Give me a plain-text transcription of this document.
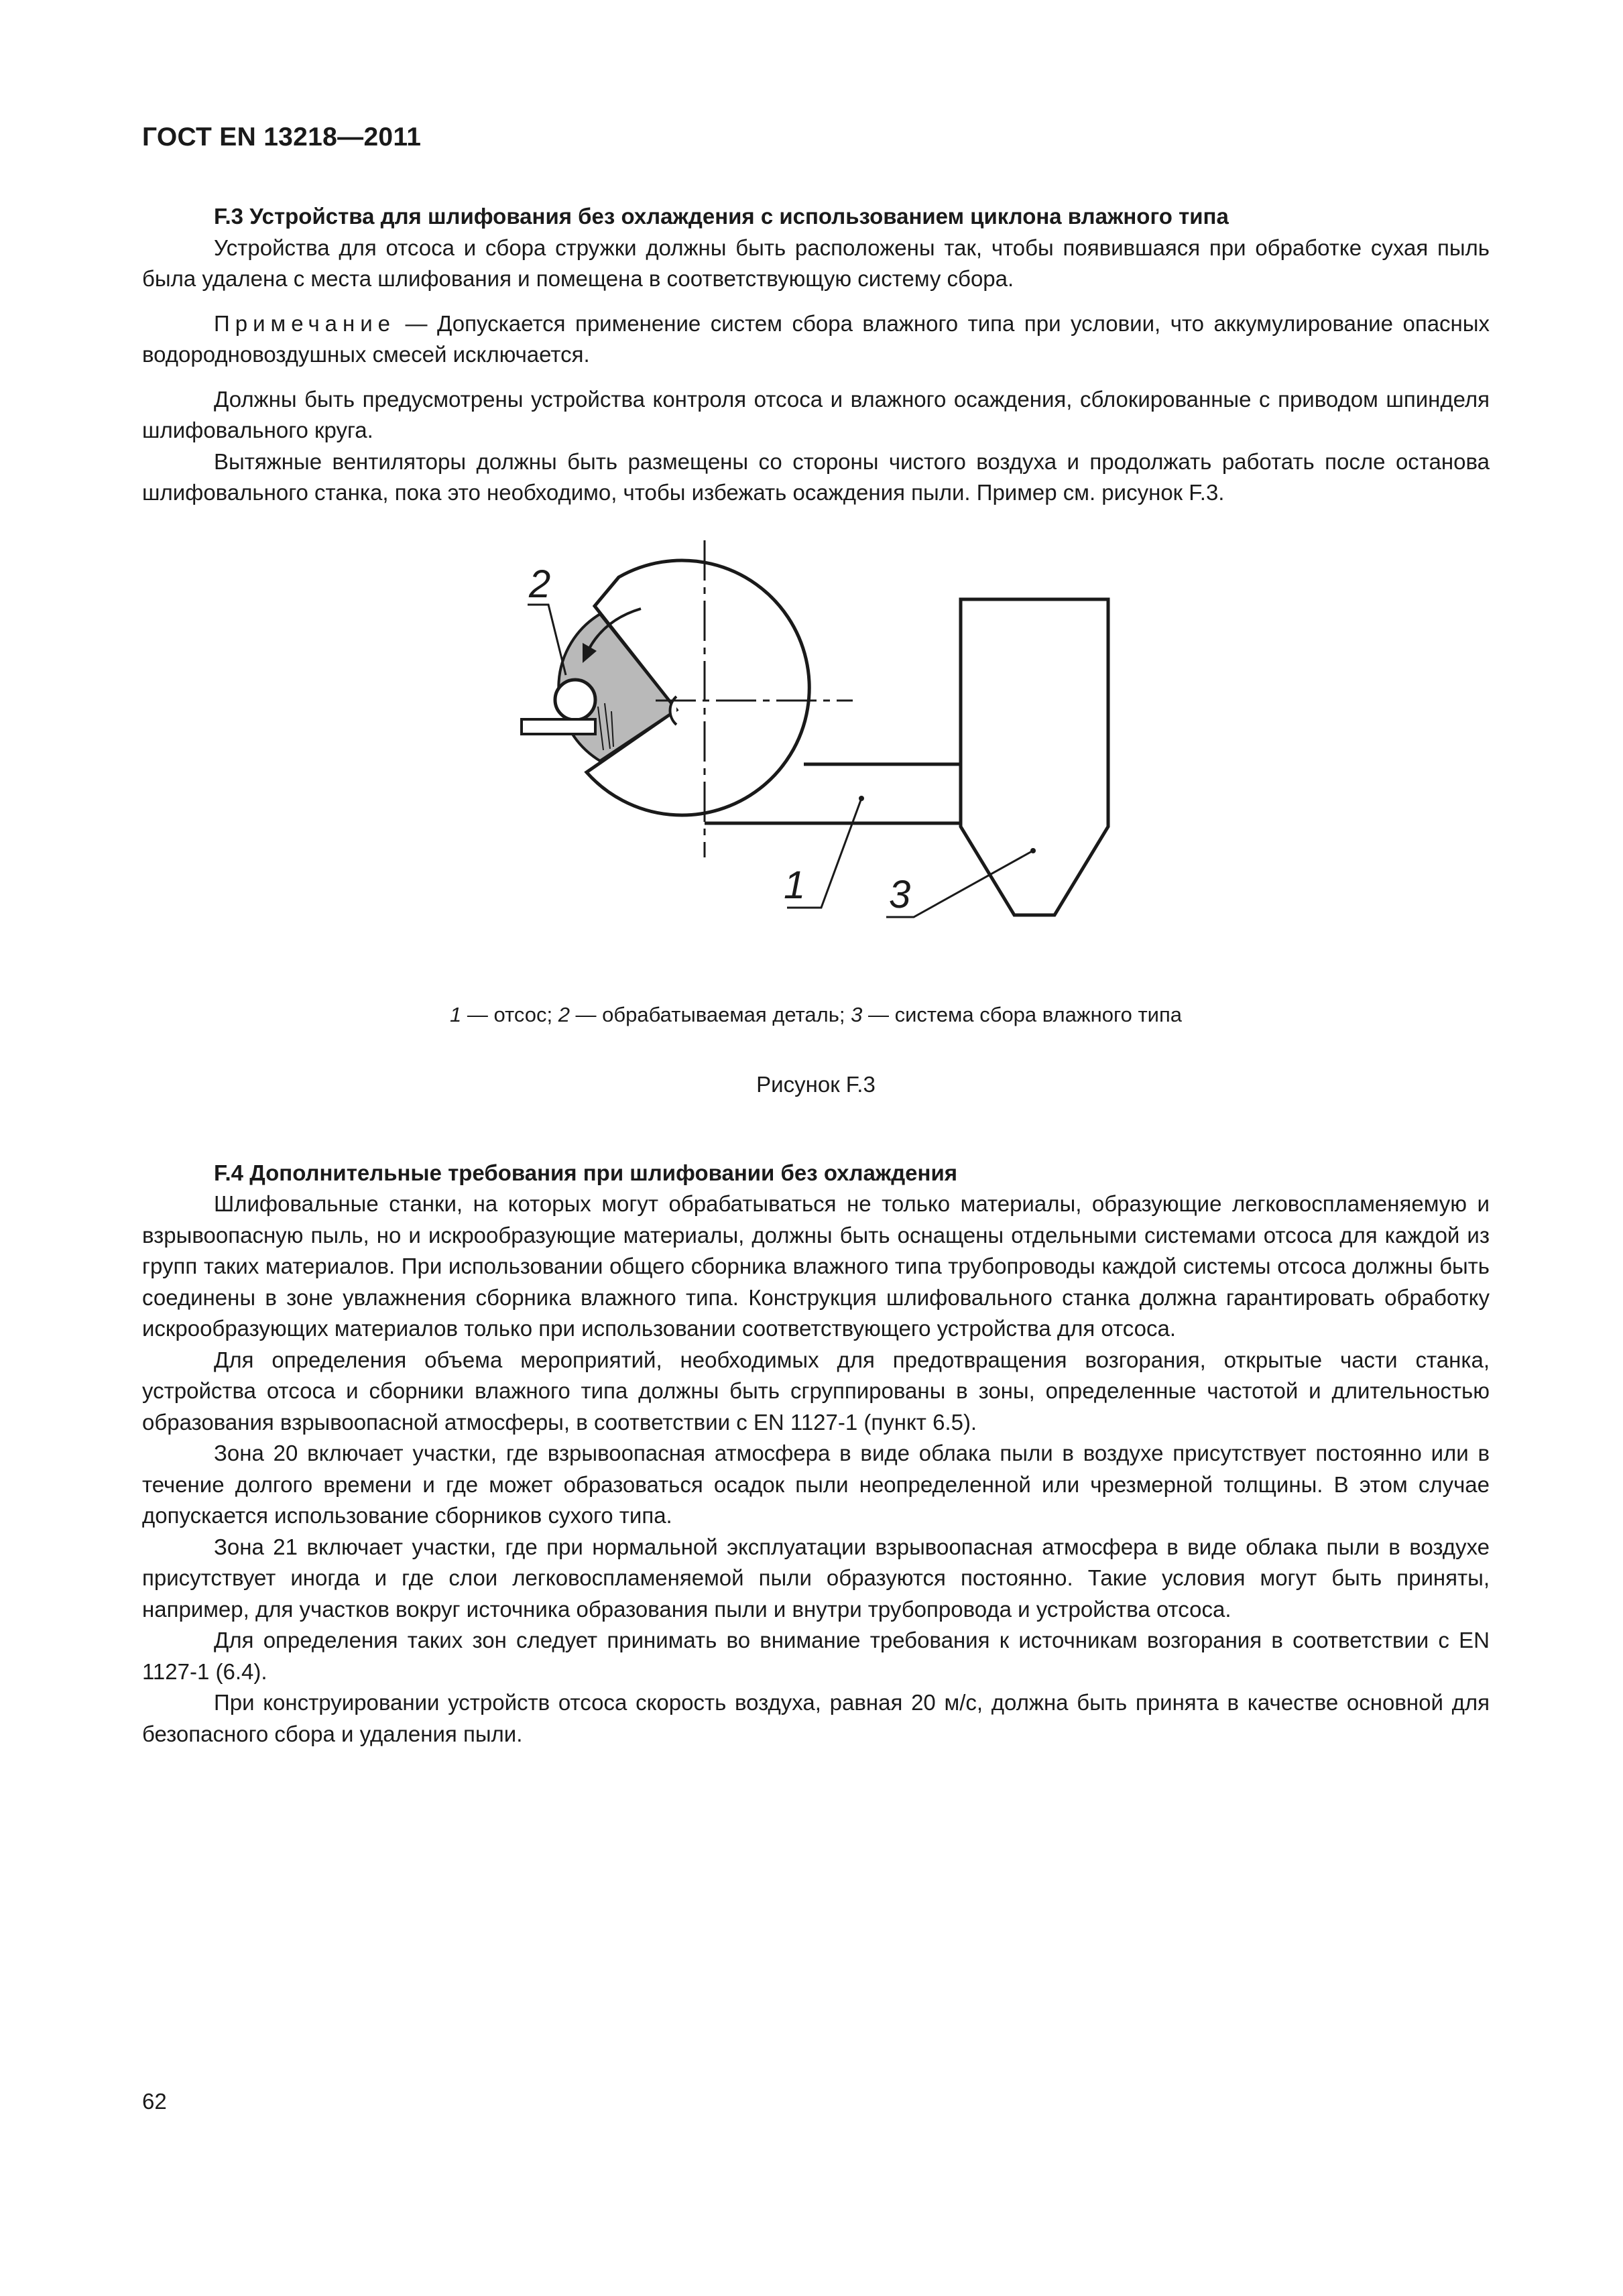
ГОСТ EN 13218—2011

F.3 Устройства для шлифования без охлаждения с использованием циклона влажного типа

Устройства для отсоса и сбора стружки должны быть расположены так, чтобы появившаяся при обработке сухая пыль была удалена с места шлифования и помещена в соответствующую систему сбора.

Примечание — Допускается применение систем сбора влажного типа при условии, что аккумулирование опасных водородновоздушных смесей исключается.

Должны быть предусмотрены устройства контроля отсоса и влажного осаждения, сблокированные с приводом шпинделя шлифовального круга.

Вытяжные вентиляторы должны быть размещены со стороны чистого воздуха и продолжать работать после останова шлифовального станка, пока это необходимо, чтобы избежать осаждения пыли. Пример см. рисунок F.3.

2
1 3
1 — отсос; 2 — обрабатываемая деталь; 3 — система сбора влажного типа
Рисунок F.3

F.4 Дополнительные требования при шлифовании без охлаждения

Шлифовальные станки, на которых могут обрабатываться не только материалы, образующие легковоспламеняемую и взрывоопасную пыль, но и искрообразующие материалы, должны быть оснащены отдельными системами отсоса для каждой из групп таких материалов. При использовании общего сборника влажного типа трубопроводы каждой системы отсоса должны быть соединены в зоне увлажнения сборника влажного типа. Конструкция шлифовального станка должна гарантировать обработку искрообразующих материалов только при использовании соответствующего устройства для отсоса.

Для определения объема мероприятий, необходимых для предотвращения возгорания, открытые части станка, устройства отсоса и сборники влажного типа должны быть сгруппированы в зоны, определенные частотой и длительностью образования взрывоопасной атмосферы, в соответствии с EN 1127-1 (пункт 6.5).

Зона 20 включает участки, где взрывоопасная атмосфера в виде облака пыли в воздухе присутствует постоянно или в течение долгого времени и где может образоваться осадок пыли неопределенной или чрезмерной толщины. В этом случае допускается использование сборников сухого типа.

Зона 21 включает участки, где при нормальной эксплуатации взрывоопасная атмосфера в виде облака пыли в воздухе присутствует иногда и где слои легковоспламеняемой пыли образуются постоянно. Такие условия могут быть приняты, например, для участков вокруг источника образования пыли и внутри трубопровода и устройства отсоса.

Для определения таких зон следует принимать во внимание требования к источникам возгорания в соответствии с EN 1127-1 (6.4).

При конструировании устройств отсоса скорость воздуха, равная 20 м/с, должна быть принята в качестве основной для безопасного сбора и удаления пыли.

62
